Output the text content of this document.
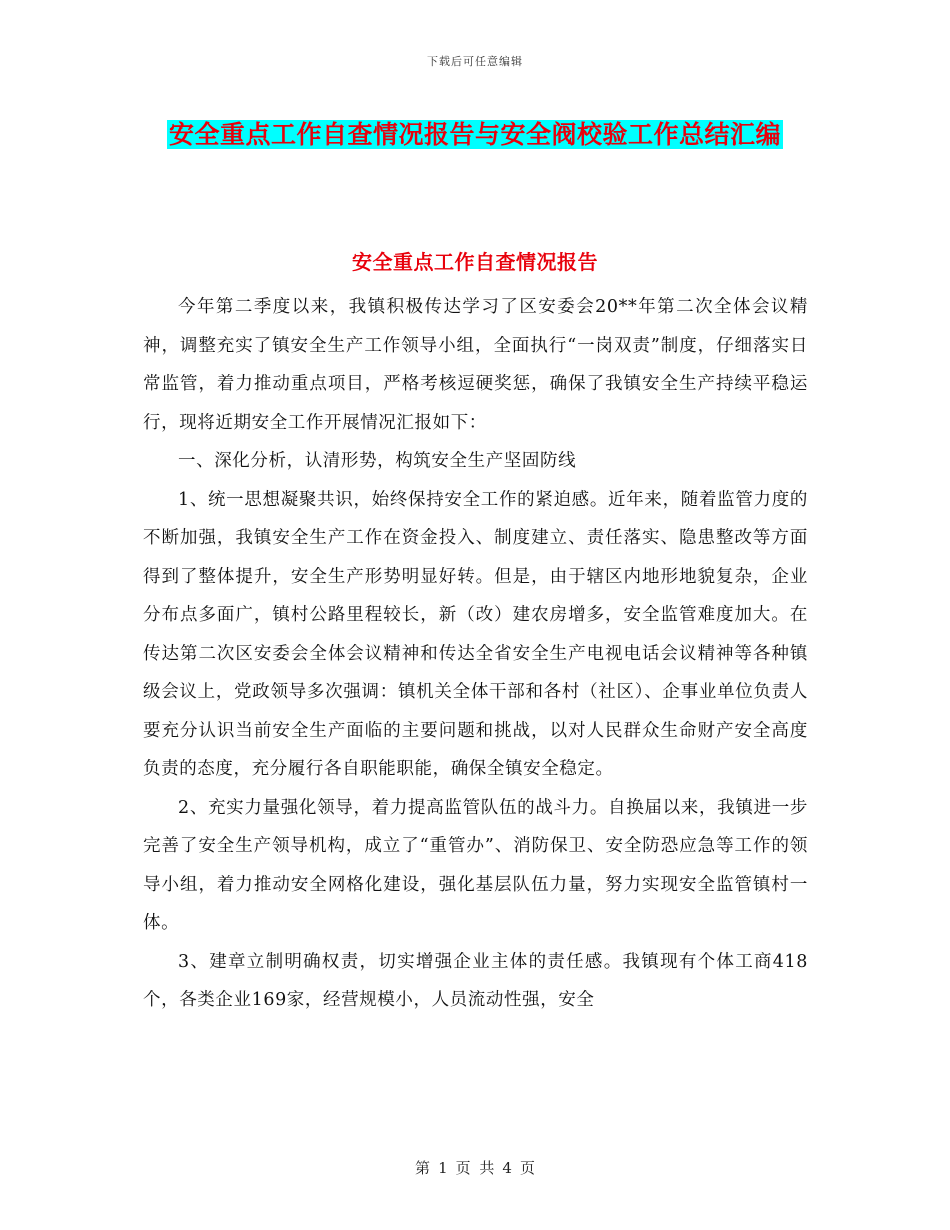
下载后可任意编辑
安全重点工作自查情况报告与安全阀校验工作总结汇编
安全重点工作自查情况报告

今年第二季度以来，我镇积极传达学习了区安委会20**年第二次全体会议精神，调整充实了镇安全生产工作领导小组，全面执行“一岗双责”制度，仔细落实日常监管，着力推动重点项目，严格考核逗硬奖惩，确保了我镇安全生产持续平稳运行，现将近期安全工作开展情况汇报如下：

一、深化分析，认清形势，构筑安全生产坚固防线

1、统一思想凝聚共识，始终保持安全工作的紧迫感。近年来，随着监管力度的不断加强，我镇安全生产工作在资金投入、制度建立、责任落实、隐患整改等方面得到了整体提升，安全生产形势明显好转。但是，由于辖区内地形地貌复杂，企业分布点多面广，镇村公路里程较长，新（改）建农房增多，安全监管难度加大。在传达第二次区安委会全体会议精神和传达全省安全生产电视电话会议精神等各种镇级会议上，党政领导多次强调：镇机关全体干部和各村（社区）、企事业单位负责人要充分认识当前安全生产面临的主要问题和挑战，以对人民群众生命财产安全高度负责的态度，充分履行各自职能职能，确保全镇安全稳定。

2、充实力量强化领导，着力提高监管队伍的战斗力。自换届以来，我镇进一步完善了安全生产领导机构，成立了“重管办”、消防保卫、安全防恐应急等工作的领导小组，着力推动安全网格化建设，强化基层队伍力量，努力实现安全监管镇村一体。

3、建章立制明确权责，切实增强企业主体的责任感。我镇现有个体工商418个，各类企业169家，经营规模小，人员流动性强，安全

第 1 页 共 4 页
